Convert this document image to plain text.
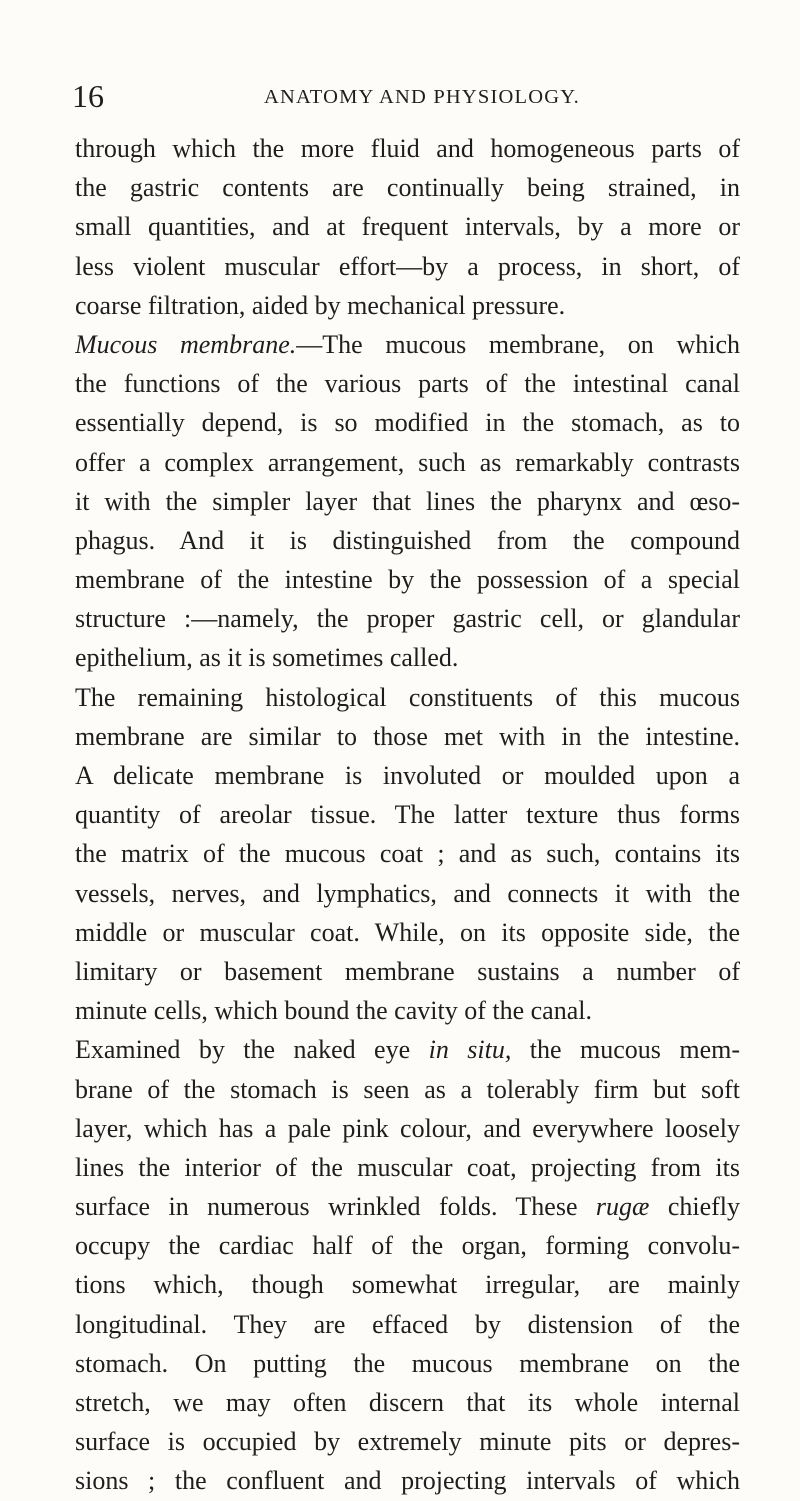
16	ANATOMY AND PHYSIOLOGY.
through which the more fluid and homogeneous parts of
the gastric contents are continually being strained, in
small quantities, and at frequent intervals, by a more or
less violent muscular effort—by a process, in short, of
coarse filtration, aided by mechanical pressure.
Mucous membrane.—The mucous membrane, on which
the functions of the various parts of the intestinal canal
essentially depend, is so modified in the stomach, as to
offer a complex arrangement, such as remarkably contrasts
it with the simpler layer that lines the pharynx and œso-
phagus. And it is distinguished from the compound
membrane of the intestine by the possession of a special
structure :—namely, the proper gastric cell, or glandular
epithelium, as it is sometimes called.
The remaining histological constituents of this mucous
membrane are similar to those met with in the intestine.
A delicate membrane is involuted or moulded upon a
quantity of areolar tissue. The latter texture thus forms
the matrix of the mucous coat ; and as such, contains its
vessels, nerves, and lymphatics, and connects it with the
middle or muscular coat. While, on its opposite side, the
limitary or basement membrane sustains a number of
minute cells, which bound the cavity of the canal.
Examined by the naked eye in situ, the mucous mem-
brane of the stomach is seen as a tolerably firm but soft
layer, which has a pale pink colour, and everywhere loosely
lines the interior of the muscular coat, projecting from its
surface in numerous wrinkled folds. These rugæ chiefly
occupy the cardiac half of the organ, forming convolu-
tions which, though somewhat irregular, are mainly
longitudinal. They are effaced by distension of the
stomach. On putting the mucous membrane on the
stretch, we may often discern that its whole internal
surface is occupied by extremely minute pits or depres-
sions ; the confluent and projecting intervals of which
